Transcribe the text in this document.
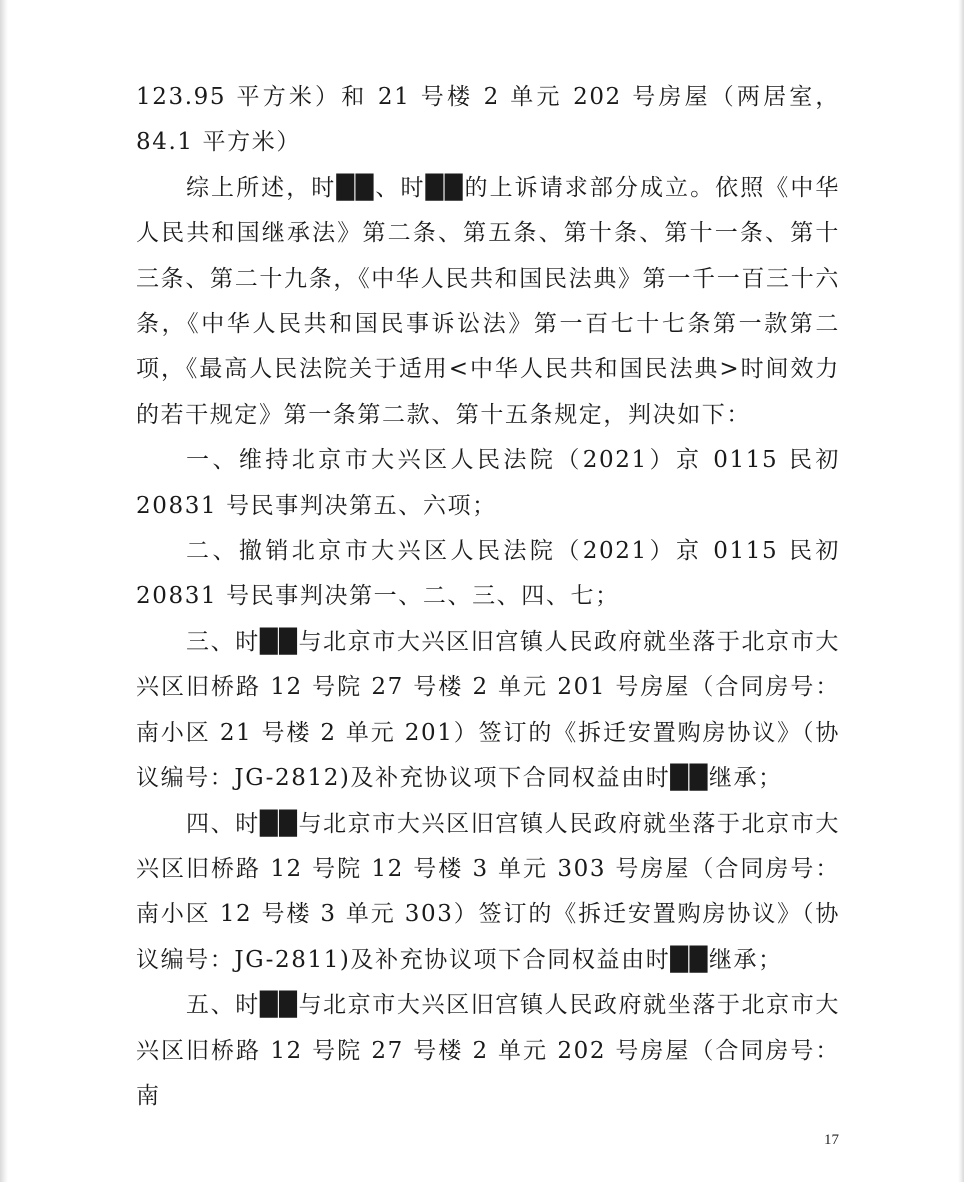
123.95 平方米）和 21 号楼 2 单元 202 号房屋（两居室，84.1 平方米）

综上所述，时██、时██的上诉请求部分成立。依照《中华人民共和国继承法》第二条、第五条、第十条、第十一条、第十三条、第二十九条，《中华人民共和国民法典》第一千一百三十六条，《中华人民共和国民事诉讼法》第一百七十七条第一款第二项，《最高人民法院关于适用<中华人民共和国民法典>时间效力的若干规定》第一条第二款、第十五条规定，判决如下：

一、维持北京市大兴区人民法院（2021）京 0115 民初 20831 号民事判决第五、六项；

二、撤销北京市大兴区人民法院（2021）京 0115 民初 20831 号民事判决第一、二、三、四、七；

三、时██与北京市大兴区旧宫镇人民政府就坐落于北京市大兴区旧桥路 12 号院 27 号楼 2 单元 201 号房屋（合同房号：南小区 21 号楼 2 单元 201）签订的《拆迁安置购房协议》（协议编号：JG-2812)及补充协议项下合同权益由时██继承；

四、时██与北京市大兴区旧宫镇人民政府就坐落于北京市大兴区旧桥路 12 号院 12 号楼 3 单元 303 号房屋（合同房号：南小区 12 号楼 3 单元 303）签订的《拆迁安置购房协议》（协议编号：JG-2811)及补充协议项下合同权益由时██继承；

五、时██与北京市大兴区旧宫镇人民政府就坐落于北京市大兴区旧桥路 12 号院 27 号楼 2 单元 202 号房屋（合同房号：南

17
